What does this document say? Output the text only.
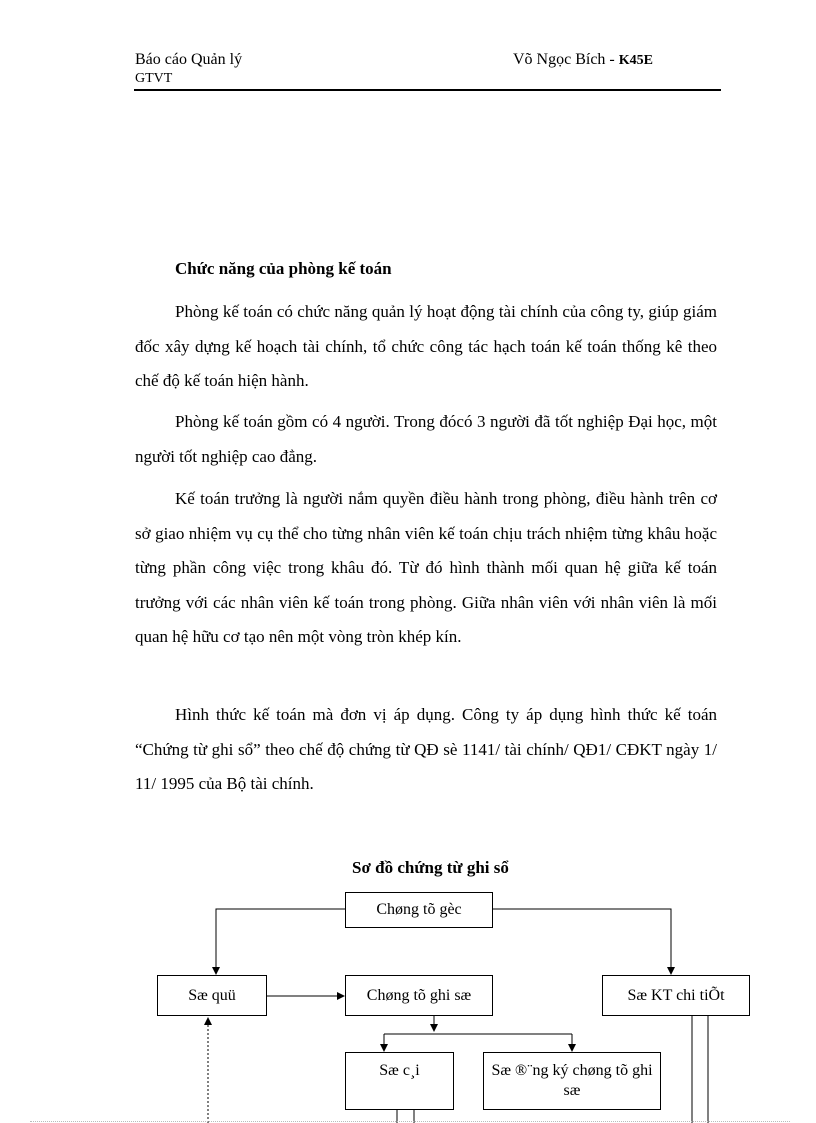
Báo cáo Quản lý
GTVT
Võ Ngọc Bích - K45E
Chức năng của phòng kế toán

Phòng kế toán có chức năng quản lý hoạt động tài chính của công ty, giúp giám đốc xây dựng kế hoạch tài chính, tổ chức công tác hạch toán kế toán thống kê theo chế độ kế toán hiện hành.

Phòng kế toán gồm có 4 người. Trong đócó 3 người đã tốt nghiệp Đại học, một người tốt nghiệp cao đẳng.

Kế toán trưởng là người nắm quyền điều hành trong phòng, điều hành trên cơ sở giao nhiệm vụ cụ thể cho từng nhân viên kế toán chịu trách nhiệm từng khâu hoặc từng phần công việc trong khâu đó. Từ đó hình thành mối quan hệ giữa kế toán trưởng với các nhân viên kế toán trong phòng. Giữa nhân viên với nhân viên là mối quan hệ hữu cơ tạo nên một vòng tròn khép kín.

Hình thức kế toán mà đơn vị áp dụng. Công ty áp dụng hình thức kế toán “Chứng từ ghi sổ” theo chế độ chứng từ QĐ sè 1141/ tài chính/ QĐ1/ CĐKT ngày 1/ 11/ 1995 của Bộ tài chính.

Sơ đồ chứng từ ghi sổ
Chøng tõ gèc
Sæ quü	Chøng tõ ghi sæ	Sæ KT chi tiÕt
Sæ c¸i	Sæ ®¨ng ký chøng tõ ghi sæ
